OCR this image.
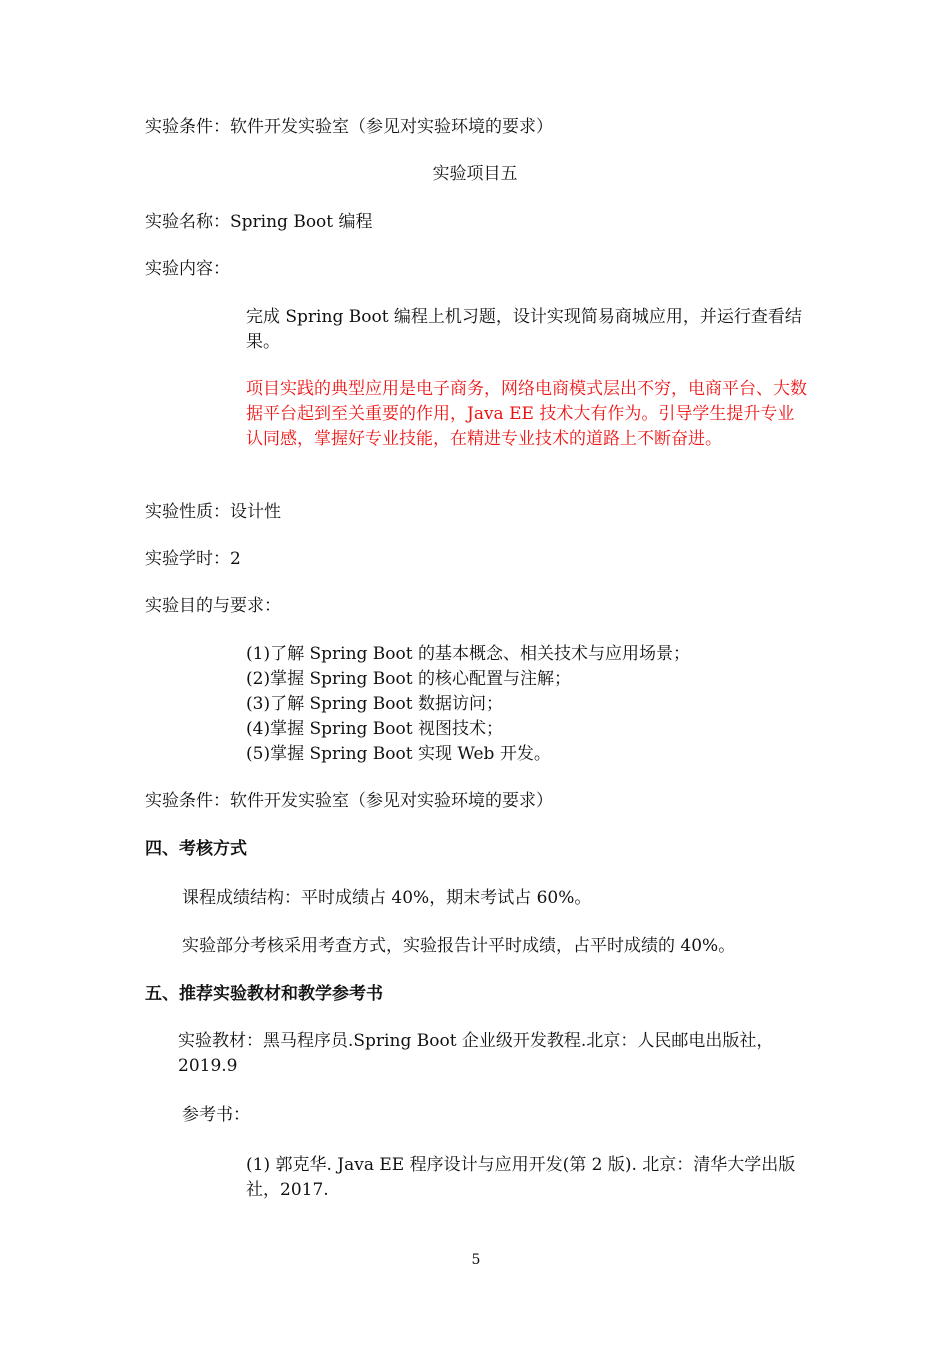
实验条件：软件开发实验室（参见对实验环境的要求）
实验项目五
实验名称：Spring Boot 编程
实验内容：
完成 Spring Boot 编程上机习题，设计实现简易商城应用，并运行查看结果。
项目实践的典型应用是电子商务，网络电商模式层出不穷，电商平台、大数据平台起到至关重要的作用，Java EE 技术大有作为。引导学生提升专业认同感，掌握好专业技能，在精进专业技术的道路上不断奋进。
实验性质：设计性
实验学时：2
实验目的与要求：
(1)了解 Spring Boot 的基本概念、相关技术与应用场景；
(2)掌握 Spring Boot 的核心配置与注解；
(3)了解 Spring Boot 数据访问；
(4)掌握 Spring Boot 视图技术；
(5)掌握 Spring Boot 实现 Web 开发。
实验条件：软件开发实验室（参见对实验环境的要求）
四、考核方式
课程成绩结构：平时成绩占 40%，期末考试占 60%。
实验部分考核采用考查方式，实验报告计平时成绩，占平时成绩的 40%。
五、推荐实验教材和教学参考书
实验教材：黑马程序员.Spring Boot 企业级开发教程.北京：人民邮电出版社，2019.9
参考书：
(1) 郭克华. Java EE 程序设计与应用开发(第 2 版). 北京：清华大学出版社，2017.
5
